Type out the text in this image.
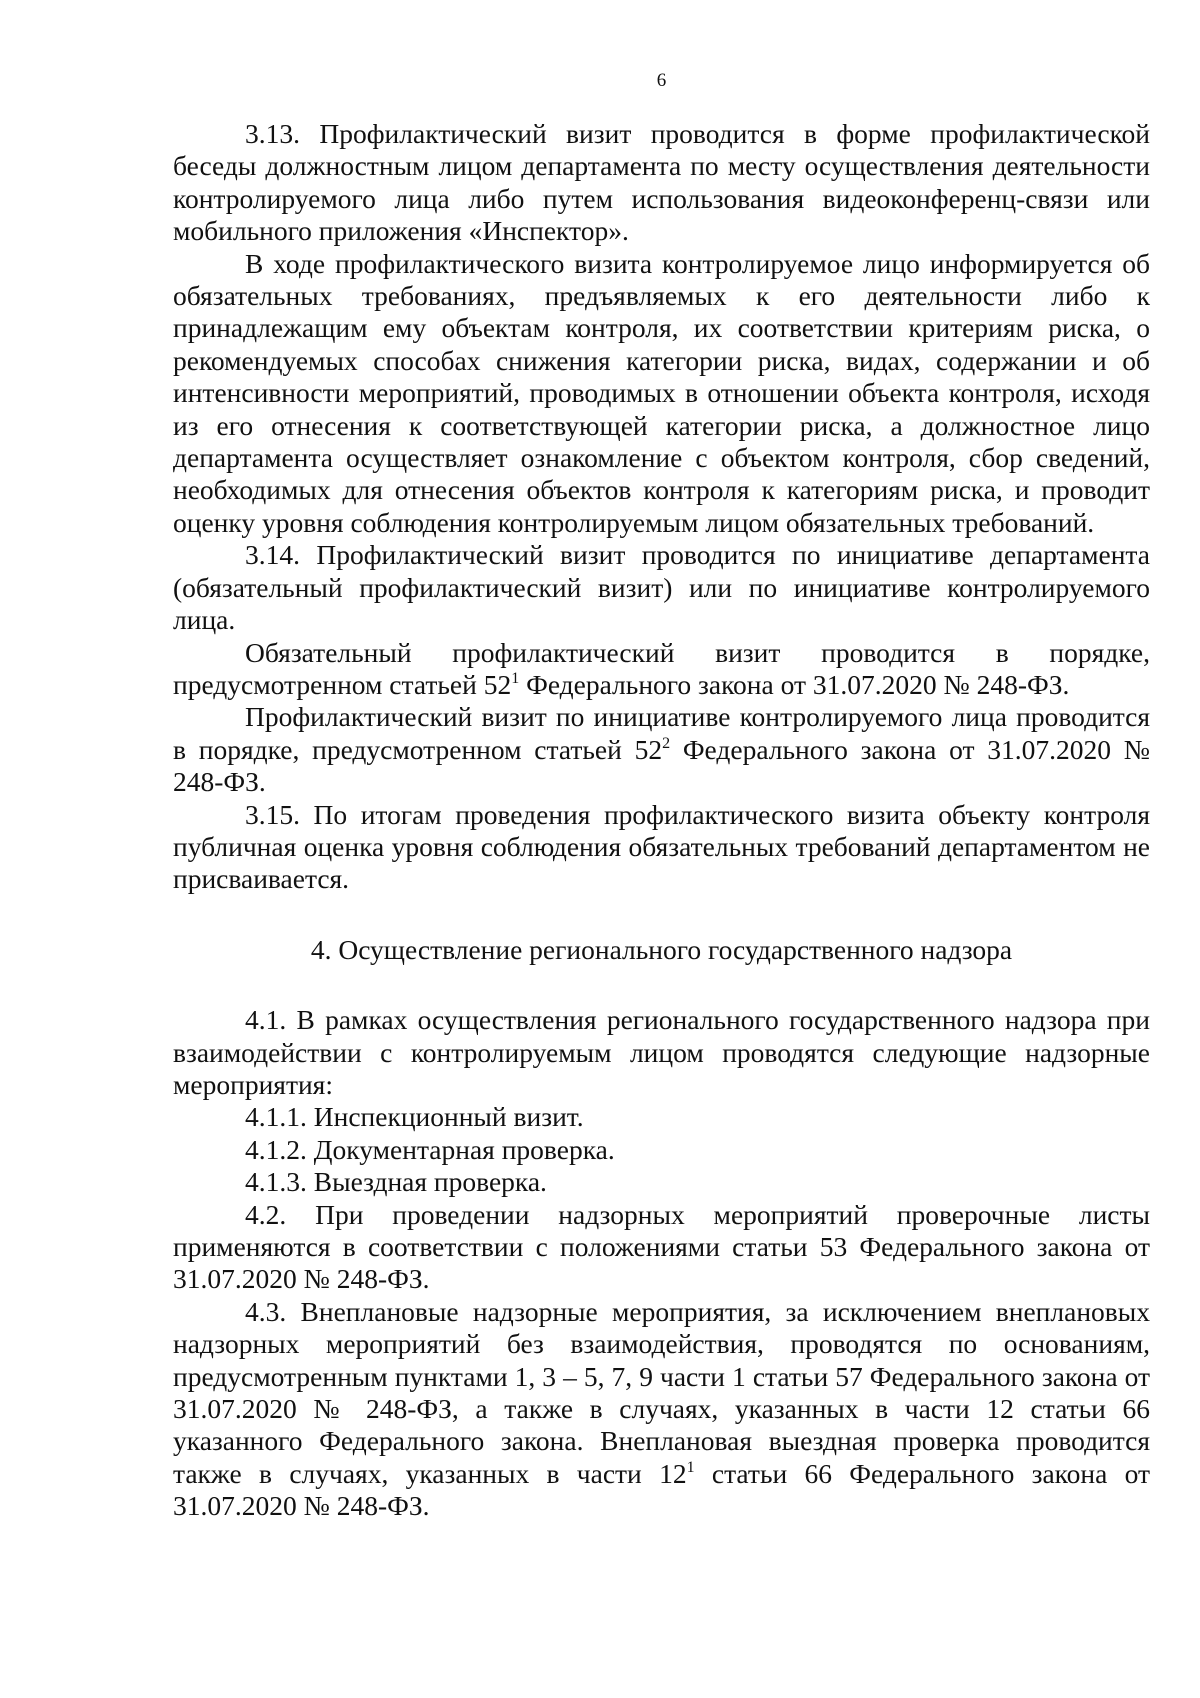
6

3.13. Профилактический визит проводится в форме профилактической беседы должностным лицом департамента по месту осуществления деятельности контролируемого лица либо путем использования видеоконференц-связи или мобильного приложения «Инспектор».

В ходе профилактического визита контролируемое лицо информируется об обязательных требованиях, предъявляемых к его деятельности либо к принадлежащим ему объектам контроля, их соответствии критериям риска, о рекомендуемых способах снижения категории риска, видах, содержании и об интенсивности мероприятий, проводимых в отношении объекта контроля, исходя из его отнесения к соответствующей категории риска, а должностное лицо департамента осуществляет ознакомление с объектом контроля, сбор сведений, необходимых для отнесения объектов контроля к категориям риска, и проводит оценку уровня соблюдения контролируемым лицом обязательных требований.

3.14. Профилактический визит проводится по инициативе департамента (обязательный профилактический визит) или по инициативе контролируемого лица.

Обязательный профилактический визит проводится в порядке, предусмотренном статьей $52^1$ Федерального закона от 31.07.2020 № 248-ФЗ.

Профилактический визит по инициативе контролируемого лица проводится в порядке, предусмотренном статьей $52^2$ Федерального закона от 31.07.2020 № 248-ФЗ.

3.15. По итогам проведения профилактического визита объекту контроля публичная оценка уровня соблюдения обязательных требований департаментом не присваивается.

4. Осуществление регионального государственного надзора

4.1. В рамках осуществления регионального государственного надзора при взаимодействии с контролируемым лицом проводятся следующие надзорные мероприятия:

4.1.1. Инспекционный визит.

4.1.2. Документарная проверка.

4.1.3. Выездная проверка.

4.2. При проведении надзорных мероприятий проверочные листы применяются в соответствии с положениями статьи 53 Федерального закона от 31.07.2020 № 248-ФЗ.

4.3. Внеплановые надзорные мероприятия, за исключением внеплановых надзорных мероприятий без взаимодействия, проводятся по основаниям, предусмотренным пунктами 1, 3 – 5, 7, 9 части 1 статьи 57 Федерального закона от 31.07.2020 № 248-ФЗ, а также в случаях, указанных в части 12 статьи 66 указанного Федерального закона. Внеплановая выездная проверка проводится также в случаях, указанных в части $12^1$ статьи 66 Федерального закона от 31.07.2020 № 248-ФЗ.
